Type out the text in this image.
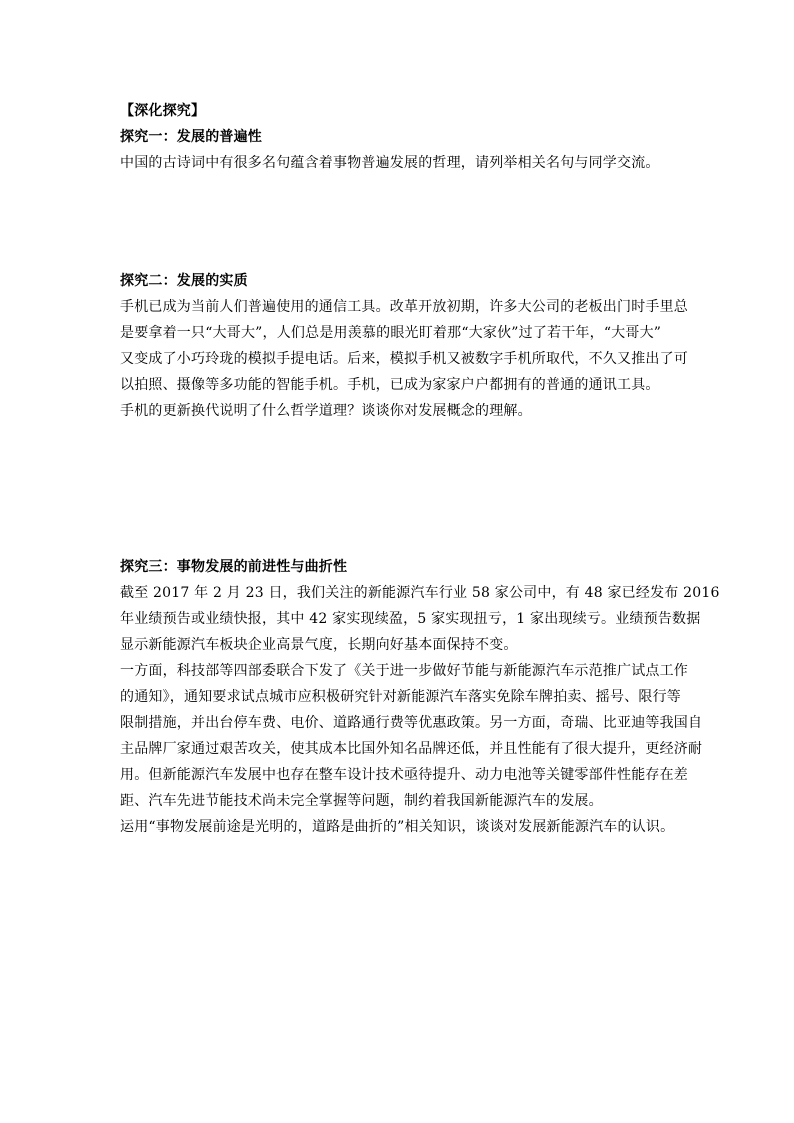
【深化探究】
探究一：发展的普遍性
中国的古诗词中有很多名句蕴含着事物普遍发展的哲理，请列举相关名句与同学交流。
探究二：发展的实质
手机已成为当前人们普遍使用的通信工具。改革开放初期，许多大公司的老板出门时手里总
是要拿着一只“大哥大”，人们总是用羡慕的眼光盯着那“大家伙”过了若干年，“大哥大”
又变成了小巧玲珑的模拟手提电话。后来，模拟手机又被数字手机所取代，不久又推出了可
以拍照、摄像等多功能的智能手机。手机，已成为家家户户都拥有的普通的通讯工具。
手机的更新换代说明了什么哲学道理？谈谈你对发展概念的理解。
探究三：事物发展的前进性与曲折性
截至 2017 年 2 月 23 日，我们关注的新能源汽车行业 58 家公司中，有 48 家已经发布 2016
年业绩预告或业绩快报，其中 42 家实现续盈，5 家实现扭亏，1 家出现续亏。业绩预告数据
显示新能源汽车板块企业高景气度，长期向好基本面保持不变。
一方面，科技部等四部委联合下发了《关于进一步做好节能与新能源汽车示范推广试点工作
的通知》，通知要求试点城市应积极研究针对新能源汽车落实免除车牌拍卖、摇号、限行等
限制措施，并出台停车费、电价、道路通行费等优惠政策。另一方面，奇瑞、比亚迪等我国自
主品牌厂家通过艰苦攻关，使其成本比国外知名品牌还低，并且性能有了很大提升，更经济耐
用。但新能源汽车发展中也存在整车设计技术亟待提升、动力电池等关键零部件性能存在差
距、汽车先进节能技术尚未完全掌握等问题，制约着我国新能源汽车的发展。
运用“事物发展前途是光明的，道路是曲折的”相关知识，谈谈对发展新能源汽车的认识。
